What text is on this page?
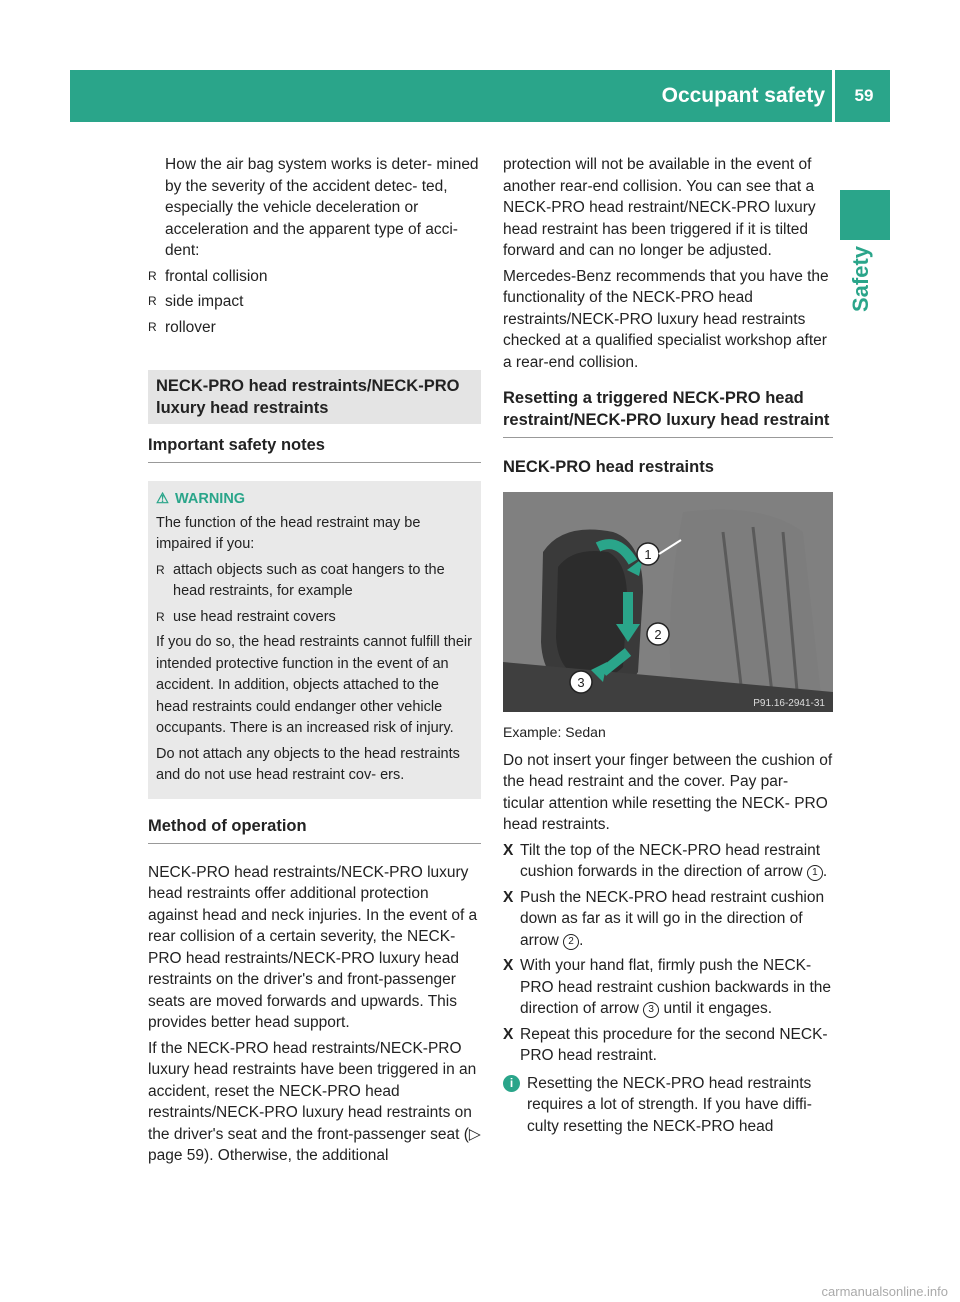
Occupant safety	59
Safety

How the air bag system works is deter- mined by the severity of the accident detec- ted, especially the vehicle deceleration or acceleration and the apparent type of acci- dent:

R frontal collision
R side impact
R rollover
NECK-PRO head restraints/NECK-PRO luxury head restraints
Important safety notes
⚠ WARNING

The function of the head restraint may be impaired if you:

R attach objects such as coat hangers to the head restraints, for example
R use head restraint covers

If you do so, the head restraints cannot fulfill their intended protective function in the event of an accident. In addition, objects attached to the head restraints could endanger other vehicle occupants. There is an increased risk of injury.

Do not attach any objects to the head restraints and do not use head restraint cov- ers.

Method of operation

NECK-PRO head restraints/NECK-PRO luxury head restraints offer additional protection against head and neck injuries. In the event of a rear collision of a certain severity, the NECK- PRO head restraints/NECK-PRO luxury head restraints on the driver's and front-passenger seats are moved forwards and upwards. This provides better head support.

If the NECK-PRO head restraints/NECK-PRO luxury head restraints have been triggered in an accident, reset the NECK-PRO head restraints/NECK-PRO luxury head restraints on the driver's seat and the front-passenger seat (▷ page 59). Otherwise, the additional

protection will not be available in the event of another rear-end collision. You can see that a NECK-PRO head restraint/NECK-PRO luxury head restraint has been triggered if it is tilted forward and can no longer be adjusted.

Mercedes-Benz recommends that you have the functionality of the NECK-PRO head restraints/NECK-PRO luxury head restraints checked at a qualified specialist workshop after a rear-end collision.

Resetting a triggered NECK-PRO head restraint/NECK-PRO luxury head restraint
NECK-PRO head restraints
1
2
3
P91.16-2941-31
Example: Sedan

Do not insert your finger between the cushion of the head restraint and the cover. Pay par- ticular attention while resetting the NECK- PRO head restraints.

X Tilt the top of the NECK-PRO head restraint cushion forwards in the direction of arrow 1 .
X Push the NECK-PRO head restraint cushion down as far as it will go in the direction of arrow 2 .
X With your hand flat, firmly push the NECK- PRO head restraint cushion backwards in the direction of arrow 3 until it engages.
X Repeat this procedure for the second NECK-PRO head restraint.
i Resetting the NECK-PRO head restraints requires a lot of strength. If you have diffi- culty resetting the NECK-PRO head
carmanualsonline.info
